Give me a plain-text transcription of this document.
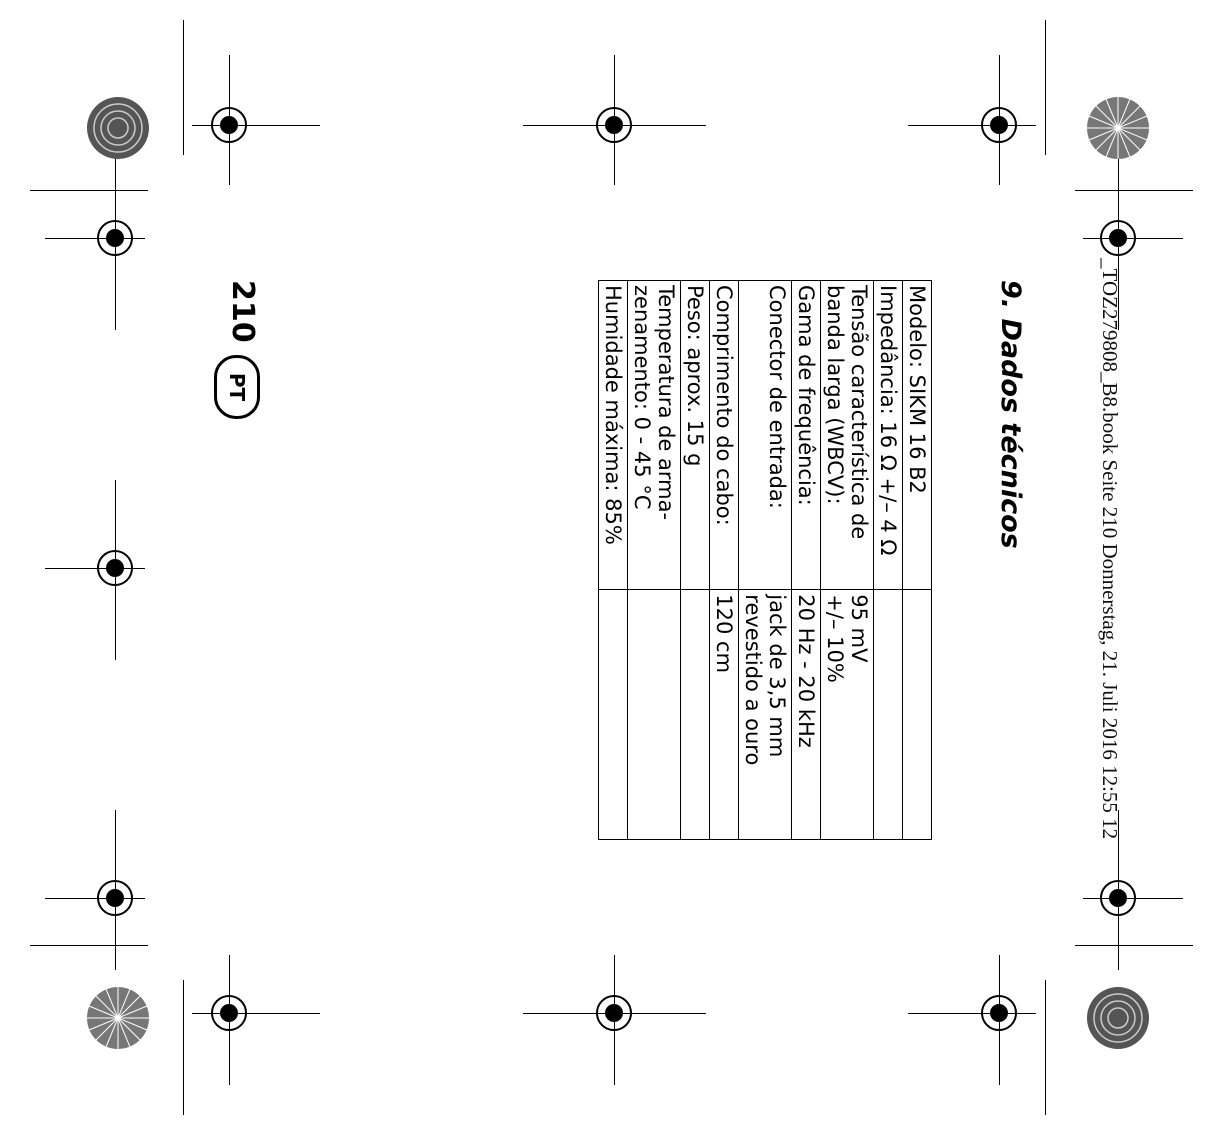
_TOZ279808_B8.book Seite 210 Donnerstag, 21. Juli 2016 12:55 12
9. Dados técnicos
Modelo: SIKM 16 B2	
Impedância: 16 Ω +/– 4 Ω	
Tensão característica de
banda larga (WBCV):	95 mV
+/– 10%
Gama de frequência:	20 Hz - 20 kHz
Conector de entrada:	jack de 3,5 mm
revestido a ouro
Comprimento do cabo:	120 cm
Peso: aprox. 15 g	
Temperatura de arma-
zenamento: 0 - 45 °C	
Humidade máxima: 85%	
210
PT
